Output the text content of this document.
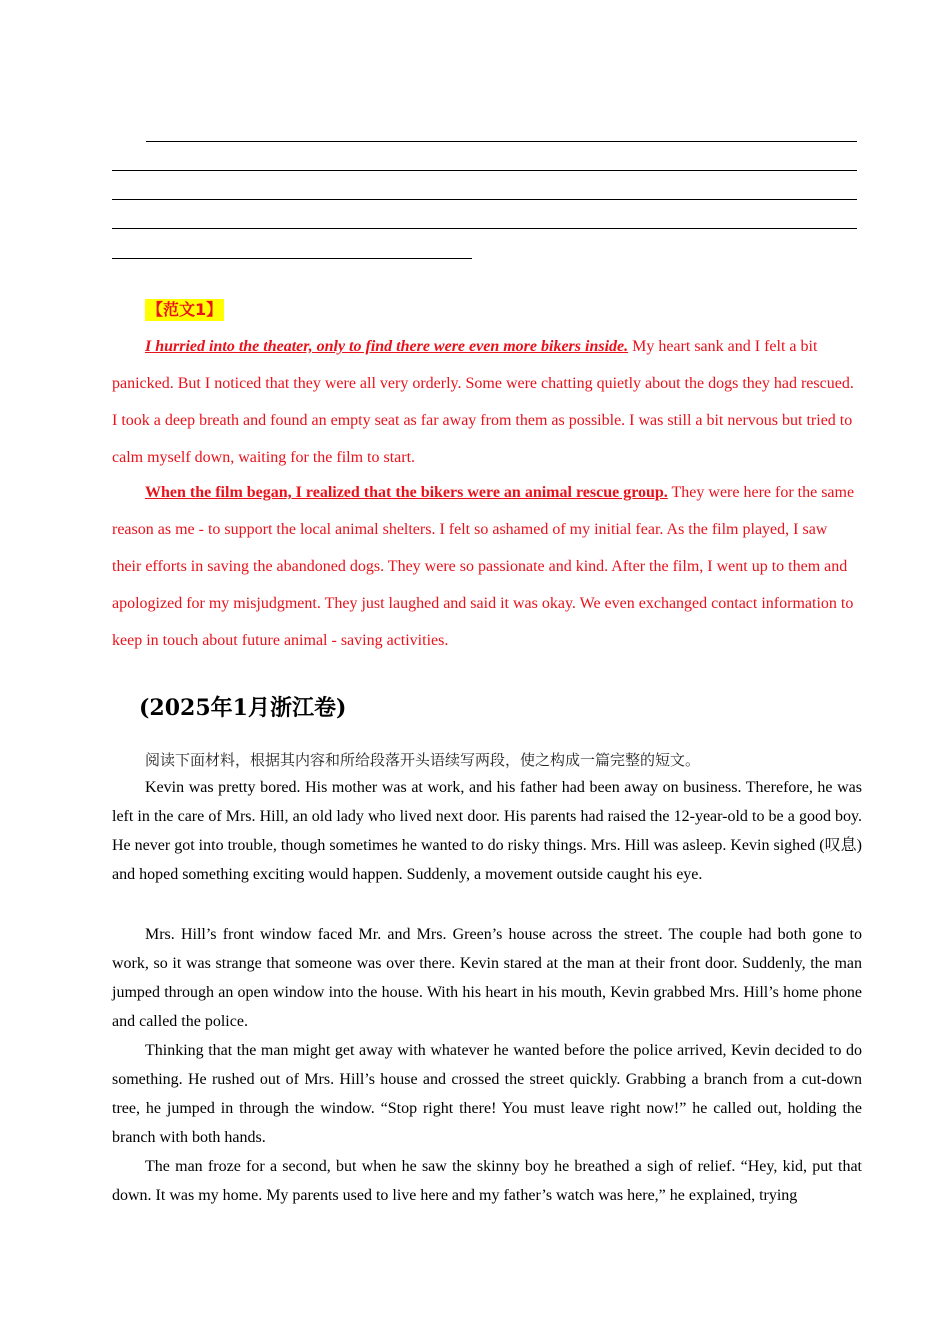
【范文1】

I hurried into the theater, only to find there were even more bikers inside. My heart sank and I felt a bit panicked. But I noticed that they were all very orderly. Some were chatting quietly about the dogs they had rescued. I took a deep breath and found an empty seat as far away from them as possible. I was still a bit nervous but tried to calm myself down, waiting for the film to start.

When the film began, I realized that the bikers were an animal rescue group. They were here for the same reason as me - to support the local animal shelters. I felt so ashamed of my initial fear. As the film played, I saw their efforts in saving the abandoned dogs. They were so passionate and kind. After the film, I went up to them and apologized for my misjudgment. They just laughed and said it was okay. We even exchanged contact information to keep in touch about future animal - saving activities.

(2025年1月浙江卷)

阅读下面材料，根据其内容和所给段落开头语续写两段，使之构成一篇完整的短文。

Kevin was pretty bored. His mother was at work, and his father had been away on business. Therefore, he was left in the care of Mrs. Hill, an old lady who lived next door. His parents had raised the 12-year-old to be a good boy. He never got into trouble, though sometimes he wanted to do risky things. Mrs. Hill was asleep. Kevin sighed (叹息) and hoped something exciting would happen. Suddenly, a movement outside caught his eye.

Mrs. Hill’s front window faced Mr. and Mrs. Green’s house across the street. The couple had both gone to work, so it was strange that someone was over there. Kevin stared at the man at their front door. Suddenly, the man jumped through an open window into the house. With his heart in his mouth, Kevin grabbed Mrs. Hill’s home phone and called the police.

Thinking that the man might get away with whatever he wanted before the police arrived, Kevin decided to do something. He rushed out of Mrs. Hill’s house and crossed the street quickly. Grabbing a branch from a cut-down tree, he jumped in through the window. “Stop right there! You must leave right now!” he called out, holding the branch with both hands.

The man froze for a second, but when he saw the skinny boy he breathed a sigh of relief. “Hey, kid, put that down. It was my home. My parents used to live here and my father’s watch was here,” he explained, trying
